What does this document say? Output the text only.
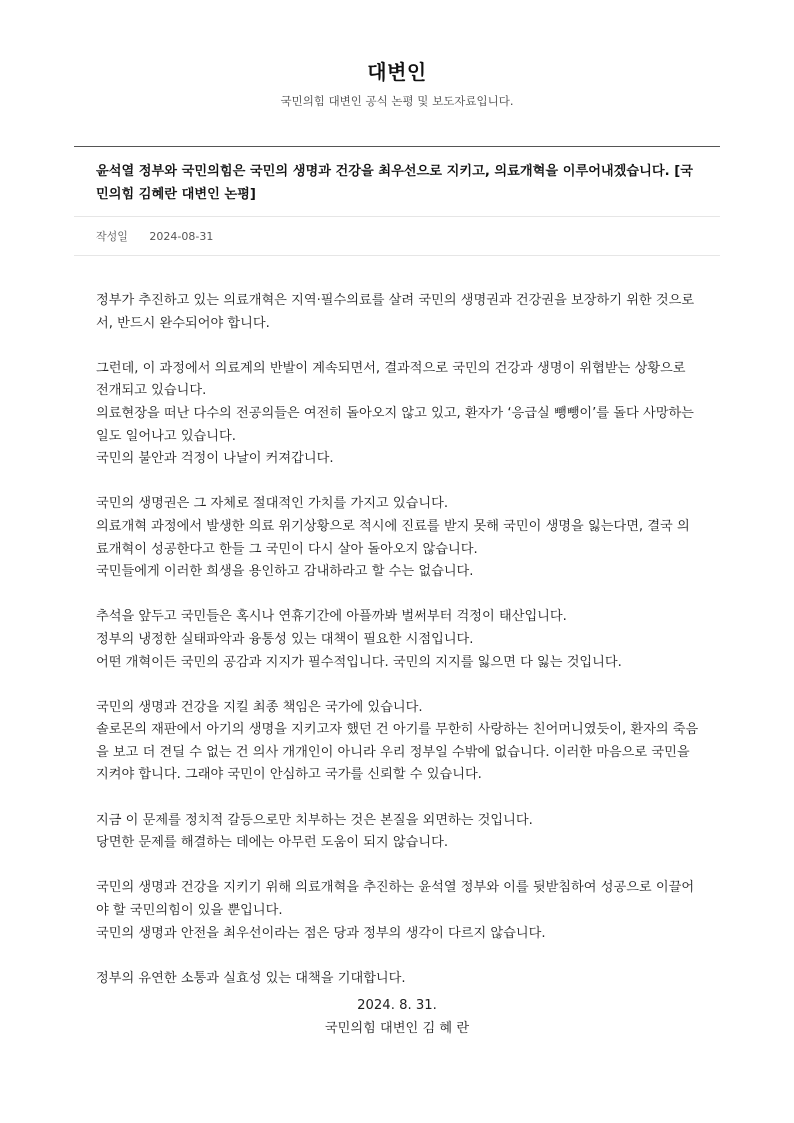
대변인
국민의힘 대변인 공식 논평 및 보도자료입니다.
윤석열 정부와 국민의힘은 국민의 생명과 건강을 최우선으로 지키고, 의료개혁을 이루어내겠습니다. [국민의힘 김혜란 대변인 논평]
작성일 2024-08-31

정부가 추진하고 있는 의료개혁은 지역·필수의료를 살려 국민의 생명권과 건강권을 보장하기 위한 것으로서, 반드시 완수되어야 합니다.

그런데, 이 과정에서 의료계의 반발이 계속되면서, 결과적으로 국민의 건강과 생명이 위협받는 상황으로 전개되고 있습니다.
의료현장을 떠난 다수의 전공의들은 여전히 돌아오지 않고 있고, 환자가 ‘응급실 뺑뺑이’를 돌다 사망하는 일도 일어나고 있습니다.
국민의 불안과 걱정이 나날이 커져갑니다.

국민의 생명권은 그 자체로 절대적인 가치를 가지고 있습니다.
의료개혁 과정에서 발생한 의료 위기상황으로 적시에 진료를 받지 못해 국민이 생명을 잃는다면, 결국 의료개혁이 성공한다고 한들 그 국민이 다시 살아 돌아오지 않습니다.
국민들에게 이러한 희생을 용인하고 감내하라고 할 수는 없습니다.

추석을 앞두고 국민들은 혹시나 연휴기간에 아플까봐 벌써부터 걱정이 태산입니다.
정부의 냉정한 실태파악과 융통성 있는 대책이 필요한 시점입니다.
어떤 개혁이든 국민의 공감과 지지가 필수적입니다. 국민의 지지를 잃으면 다 잃는 것입니다.

국민의 생명과 건강을 지킬 최종 책임은 국가에 있습니다.
솔로몬의 재판에서 아기의 생명을 지키고자 했던 건 아기를 무한히 사랑하는 친어머니였듯이, 환자의 죽음을 보고 더 견딜 수 없는 건 의사 개개인이 아니라 우리 정부일 수밖에 없습니다. 이러한 마음으로 국민을 지켜야 합니다. 그래야 국민이 안심하고 국가를 신뢰할 수 있습니다.

지금 이 문제를 정치적 갈등으로만 치부하는 것은 본질을 외면하는 것입니다.
당면한 문제를 해결하는 데에는 아무런 도움이 되지 않습니다.

국민의 생명과 건강을 지키기 위해 의료개혁을 추진하는 윤석열 정부와 이를 뒷받침하여 성공으로 이끌어야 할 국민의힘이 있을 뿐입니다.
국민의 생명과 안전을 최우선이라는 점은 당과 정부의 생각이 다르지 않습니다.

정부의 유연한 소통과 실효성 있는 대책을 기대합니다.

2024. 8. 31.
국민의힘 대변인 김 혜 란
